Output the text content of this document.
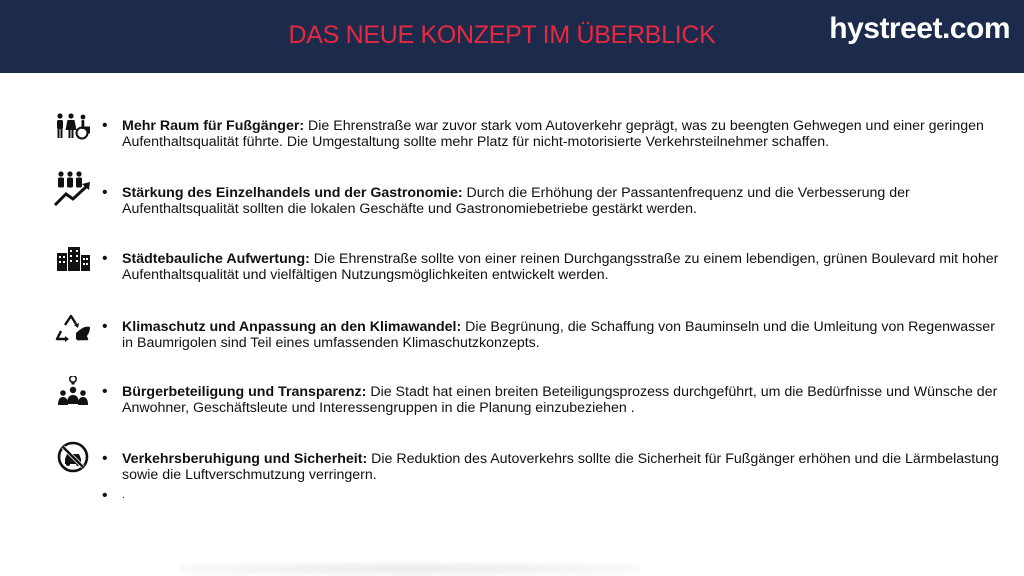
DAS NEUE KONZEPT IM ÜBERBLICK	hystreet.com
• Mehr Raum für Fußgänger: Die Ehrenstraße war zuvor stark vom Autoverkehr geprägt, was zu beengten Gehwegen und einer geringen Aufenthaltsqualität führte. Die Umgestaltung sollte mehr Platz für nicht-motorisierte Verkehrsteilnehmer schaffen.
• Stärkung des Einzelhandels und der Gastronomie: Durch die Erhöhung der Passantenfrequenz und die Verbesserung der Aufenthaltsqualität sollten die lokalen Geschäfte und Gastronomiebetriebe gestärkt werden.
• Städtebauliche Aufwertung: Die Ehrenstraße sollte von einer reinen Durchgangsstraße zu einem lebendigen, grünen Boulevard mit hoher Aufenthaltsqualität und vielfältigen Nutzungsmöglichkeiten entwickelt werden.
• Klimaschutz und Anpassung an den Klimawandel: Die Begrünung, die Schaffung von Bauminseln und die Umleitung von Regenwasser in Baumrigolen sind Teil eines umfassenden Klimaschutzkonzepts.
• Bürgerbeteiligung und Transparenz: Die Stadt hat einen breiten Beteiligungsprozess durchgeführt, um die Bedürfnisse und Wünsche der Anwohner, Geschäftsleute und Interessengruppen in die Planung einzubeziehen .
• Verkehrsberuhigung und Sicherheit: Die Reduktion des Autoverkehrs sollte die Sicherheit für Fußgänger erhöhen und die Lärmbelastung sowie die Luftverschmutzung verringern.
• .
